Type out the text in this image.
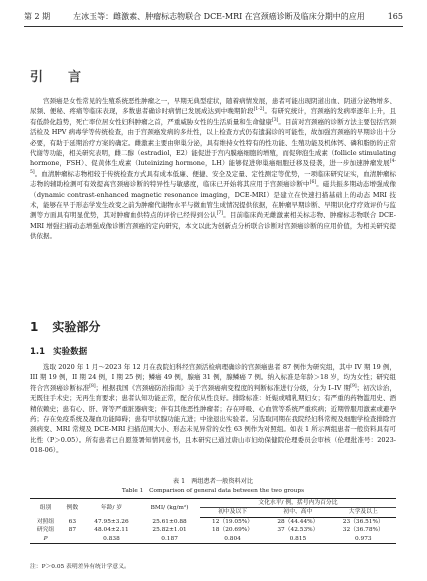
第 2 期	左冰玉等：雌激素、肿瘤标志物联合 DCE-MRI 在宫颈癌诊断及临床分期中的应用	165
引　言

宫颈癌是女性常见的生殖系统恶性肿瘤之一，早期无典型症状，随着病情发展，患者可能出现阴道出血、阴道分泌物增多、尿频、便秘、疼痛等临床表现，多数患者确诊时病情已发展成达到中晚期阶段[1-2]。有研究统计，宫颈癌的发病率逐年上升，且有低龄化趋势，死亡率位居女性妇科肿瘤之首，严重威胁女性的生活质量和生命健康[3]。目前对宫颈癌的诊断方法主要包括宫颈活检及 HPV 病毒学等传统检查，由于宫颈癌发病的多灶性，以上检查方式仍有遗漏诊的可能性，故加强宫颈癌的早期诊出十分必要，有助于延期治疗方案的确定。雌激素主要由卵巢分泌，具有维持女性特有的性功能、生殖功能及机体钙、磷和脂肪的正常代谢等功能，相关研究表明，雌二醇（estradiol，E2）能促进于宫内膜癌细胞的增殖，而促卵泡生成素（follicle stimulating hormone，FSH）、促黄体生成素（luteinizing hormone，LH）能够促进卵巢癌细胞迁移及侵袭，进一步加速肿瘤发展[4-5]。血清肿瘤标志物相较于传统检查方式具有成本低廉、便捷、安全及定量、定性测定等优势，一项临床研究证实，血清肿瘤标志物的辅助检测可有效提高宫颈癌诊断的特异性与敏感度，临床已开始将其应用于宫颈癌诊断中[6]。磁共振多期动态增强成像（dynamic contrast-enhanced magnetic resonance imaging，DCE-MRI）是建立在快速扫描基础上的动态 MRI 技术，能够在早于形态学发生改变之前为肿瘤代谢物水平与微血管生成情况提供依据，在肿瘤早期诊断、早期识化疗疗效评价与监测等方面具有明显优势，其对肿瘤血供特点的评价已经得到公认[7]。目前临床尚无雌激素相关标志物、肿瘤标志物联合 DCE-MRI 增强扫描动态增强成像诊断宫颈癌的定向研究，本文以此为创新点分析联合诊断对宫颈癌诊断的应用价值，为相关研究提供依据。

1 实验部分
1.1 实验数据

选取 2020 年 1 月～2023 年 12 月在我院妇科经宫颈活检病理确诊的宫颈癌患者 87 例作为研究组，其中 IV 期 19 例，III 期 19 例，II 期 24 例，I 期 25 例；鳞癌 49 例，腺癌 31 例，腺鳞癌 7 例。纳入标准是年龄＞18 岁，均为女性；研究组符合宫颈癌诊断标准[8]；根据我国《宫颈癌防治指南》关于宫颈癌病变程度的判断标准进行分级，分为 I–IV 期[9]；初次诊治，无既往手术史；无再生育要求；患者认知功能正常，配合依从性良好。排除标准：妊娠或哺乳期妇女；有严重的药物滥用史、酒精依赖史；患有心、肝、肾等严重脏器病变；伴有其他恶性肿瘤者；存在呼吸、心血管等系统严重疾病；近期曾服用激素或避孕药；存在免疫系统及凝血功能障碍；患有甲状腺功能亢进；中途退出实验者。另选取同期在我院经妇科常规及细胞学检查排除宫颈病变、MRI 常规及 DCE-MRI 扫描范围大小、形态未见异常的女性 63 例作为对照组。如表 1 所示两组患者一般资料具有可比性（P＞0.05）。所有患者已自愿签署知情同意书，且本研究已通过唐山市妇幼保健院伦理委员会审核（伦理批准号：2023-018-06）。

表 1　两组患者一般资料对比
Table 1　Comparison of general data between the two groups
组别	例数	年龄/ 岁	BMI/ (kg/m²)	文化水平/ 例，括号内为百分比		
				初中及以下	初中、高中	大学及以上
对照组	63	47.95±3.26	25.61±0.88	12（19.05%）	28（44.44%）	23（36.51%）
研究组	87	48.04±2.11	25.82±1.01	18（20.69%）	37（42.53%）	32（36.78%）
P		0.838	0.187	0.804	0.815	0.973
注：P＞0.05 表明差异有统计学意义。
